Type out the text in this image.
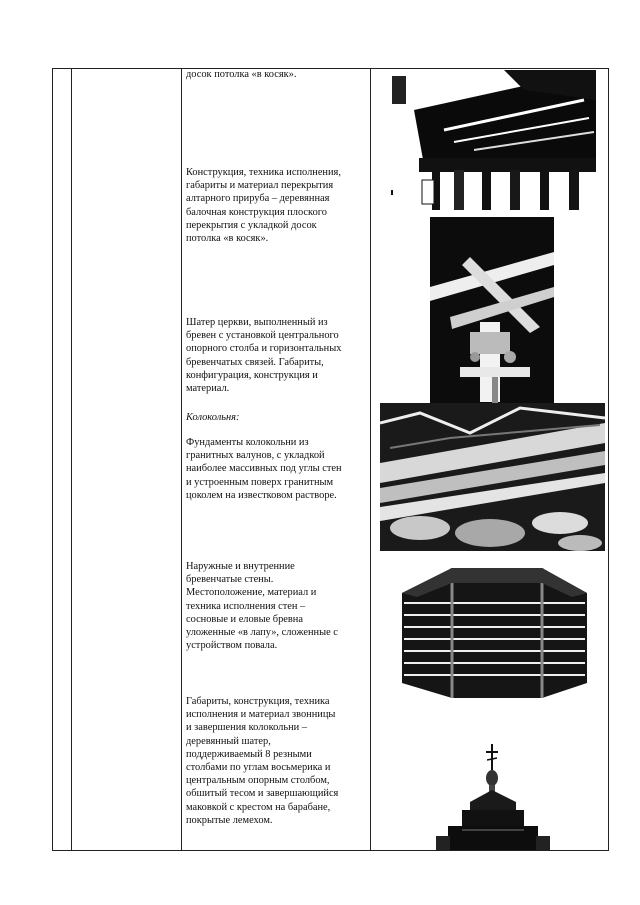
досок потолка «в косяк».
Конструкция, техника исполнения,
габариты и материал перекрытия
алтарного прируба – деревянная
балочная конструкция плоского
перекрытия с укладкой досок
потолка «в косяк».
Шатер церкви, выполненный из
бревен с установкой центрального
опорного столба и горизонтальных
бревенчатых связей. Габариты,
конфигурация, конструкция и
материал.
Колокольня:
Фундаменты колокольни из
гранитных валунов, с укладкой
наиболее массивных под углы стен
и устроенным поверх гранитным
цоколем на известковом растворе.
Наружные и внутренние
бревенчатые стены.
Местоположение, материал и
техника исполнения стен –
сосновые и еловые бревна
уложенные «в лапу», сложенные с
устройством повала.
Габариты, конструкция, техника
исполнения и материал звонницы
и завершения колокольни –
деревянный шатер,
поддерживаемый 8 резными
столбами по углам восьмерика и
центральным опорным столбом,
обшитый тесом и завершающийся
маковкой с крестом на барабане,
покрытые лемехом.
